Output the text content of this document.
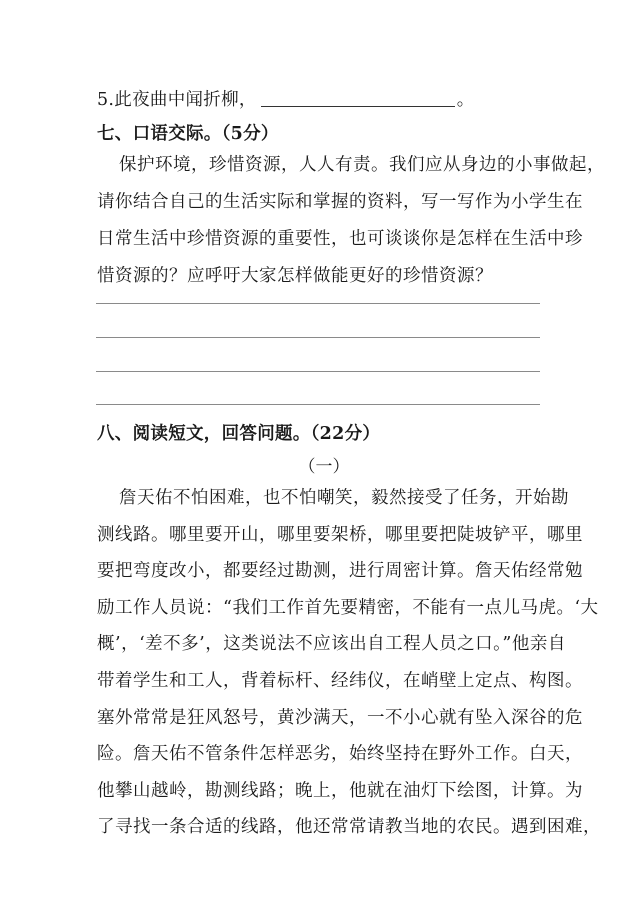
5.此夜曲中闻折柳，	。
七、口语交际。（5分）
保护环境，珍惜资源，人人有责。我们应从身边的小事做起，
请你结合自己的生活实际和掌握的资料，写一写作为小学生在
日常生活中珍惜资源的重要性，也可谈谈你是怎样在生活中珍
惜资源的？应呼吁大家怎样做能更好的珍惜资源？
八、阅读短文，回答问题。（22分）
（一）
詹天佑不怕困难，也不怕嘲笑，毅然接受了任务，开始勘
测线路。哪里要开山，哪里要架桥，哪里要把陡坡铲平，哪里
要把弯度改小，都要经过勘测，进行周密计算。詹天佑经常勉
励工作人员说：“我们工作首先要精密，不能有一点儿马虎。‘大
概’，‘差不多’，这类说法不应该出自工程人员之口。”他亲自
带着学生和工人，背着标杆、经纬仪，在峭壁上定点、构图。
塞外常常是狂风怒号，黄沙满天，一不小心就有坠入深谷的危
险。詹天佑不管条件怎样恶劣，始终坚持在野外工作。白天，
他攀山越岭，勘测线路；晚上，他就在油灯下绘图，计算。为
了寻找一条合适的线路，他还常常请教当地的农民。遇到困难，
